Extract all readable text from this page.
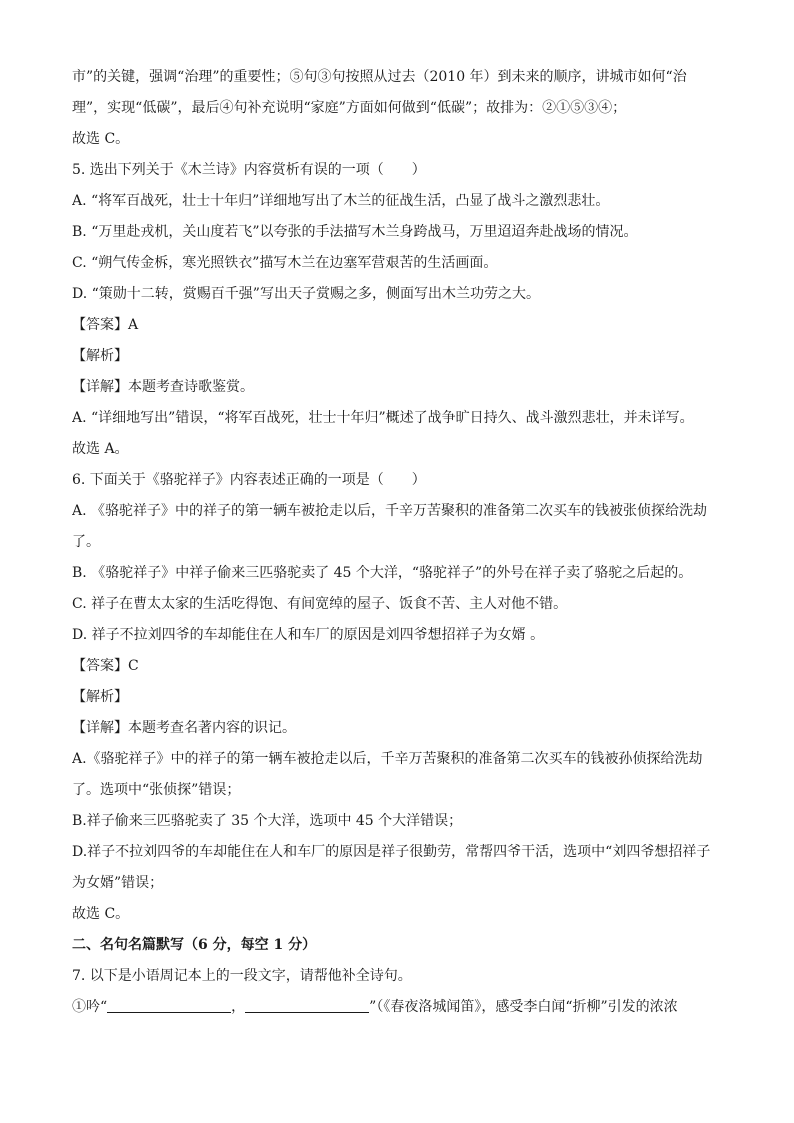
市”的关键，强调“治理”的重要性；⑤句③句按照从过去（2010 年）到未来的顺序，讲城市如何“治
理”，实现“低碳”，最后④句补充说明“家庭”方面如何做到“低碳”；故排为：②①⑤③④；
故选 C。
5. 选出下列关于《木兰诗》内容赏析有误的一项（　　）
A. “将军百战死，壮士十年归”详细地写出了木兰的征战生活，凸显了战斗之激烈悲壮。
B. “万里赴戎机，关山度若飞”以夸张的手法描写木兰身跨战马，万里迢迢奔赴战场的情况。
C. “朔气传金柝，寒光照铁衣”描写木兰在边塞军营艰苦的生活画面。
D. “策勋十二转，赏赐百千强”写出天子赏赐之多，侧面写出木兰功劳之大。
【答案】A
【解析】
【详解】本题考查诗歌鉴赏。
A. “详细地写出”错误，“将军百战死，壮士十年归”概述了战争旷日持久、战斗激烈悲壮，并未详写。
故选 A。
6. 下面关于《骆驼祥子》内容表述正确的一项是（　　）
A. 《骆驼祥子》中的祥子的第一辆车被抢走以后，千辛万苦聚积的准备第二次买车的钱被张侦探给洗劫
了。
B. 《骆驼祥子》中祥子偷来三匹骆驼卖了 45 个大洋，“骆驼祥子”的外号在祥子卖了骆驼之后起的。
C. 祥子在曹太太家的生活吃得饱、有间宽绰的屋子、饭食不苦、主人对他不错。
D. 祥子不拉刘四爷的车却能住在人和车厂的原因是刘四爷想招祥子为女婿 。
【答案】C
【解析】
【详解】本题考查名著内容的识记。
A.《骆驼祥子》中的祥子的第一辆车被抢走以后，千辛万苦聚积的准备第二次买车的钱被孙侦探给洗劫
了。选项中“张侦探”错误；
B.祥子偷来三匹骆驼卖了 35 个大洋，选项中 45 个大洋错误；
D.祥子不拉刘四爷的车却能住在人和车厂的原因是祥子很勤劳，常帮四爷干活，选项中“刘四爷想招祥子
为女婿”错误；
故选 C。
二、名句名篇默写（6 分，每空 1 分）
7. 以下是小语周记本上的一段文字，请帮他补全诗句。
①吟“	，	”（《春夜洛城闻笛》，感受李白闻“折柳”引发的浓浓
